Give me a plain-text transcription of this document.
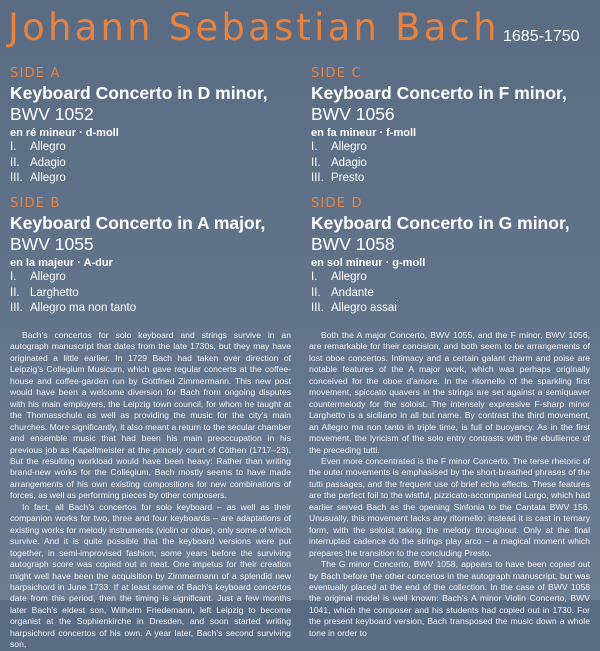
Johann Sebastian Bach 1685-1750
SIDE A
Keyboard Concerto in D minor,
BWV 1052
en ré mineur · d-moll
I. Allegro
II. Adagio
III. Allegro
SIDE B
Keyboard Concerto in A major,
BWV 1055
en la majeur · A-dur
I. Allegro
II. Larghetto
III. Allegro ma non tanto
SIDE C
Keyboard Concerto in F minor,
BWV 1056
en fa mineur · f-moll
I. Allegro
II. Adagio
III. Presto
SIDE D
Keyboard Concerto in G minor,
BWV 1058
en sol mineur · g-moll
I. Allegro
II. Andante
III. Allegro assai

Bach’s concertos for solo keyboard and strings survive in an autograph manuscript that dates from the late 1730s, but they may have originated a little earlier. In 1729 Bach had taken over direction of Leipzig’s Collegium Musicum, which gave regular concerts at the coffee-house and coffee-garden run by Gottfried Zimmermann. This new post would have been a welcome diversion for Bach from ongoing disputes with his main employers, the Leipzig town council, for whom he taught at the Thomasschule as well as providing the music for the city’s main churches. More significantly, it also meant a return to the secular chamber and ensemble music that had been his main preoccupation in his previous job as Kapellmeister at the princely court of Cöthen (1717–23). But the resulting workload would have been heavy: Rather than writing brand-new works for the Collegium, Bach mostly seems to have made arrangements of his own existing compositions for new combinations of forces, as well as performing pieces by other composers.

In fact, all Bach’s concertos for solo keyboard – as well as their companion works for two, three and four keyboards – are adaptations of existing works for melody instruments (violin or oboe), only some of which survive. And it is quite possible that the keyboard versions were put together, in semi-improvised fashion, some years before the surviving autograph score was copied out in neat. One impetus for their creation might well have been the acquisition by Zimmermann of a splendid new harpsichord in June 1733. If at least some of Bach’s keyboard concertos date from this period, then the timing is significant. Just a few months later Bach’s eldest son, Wilhelm Friedemann, left Leipzig to become organist at the Sophienkirche in Dresden, and soon started writing harpsichord concertos of his own. A year later, Bach’s second surviving son,

Both the A major Concerto, BWV 1055, and the F minor, BWV 1056, are remarkable for their concision, and both seem to be arrangements of lost oboe concertos. Intimacy and a certain galant charm and poise are notable features of the A major work, which was perhaps originally conceived for the oboe d’amore. In the ritornello of the sparkling first movement, spiccato quavers in the strings are set against a semiquaver countermelody for the soloist. The intensely expressive F-sharp minor Larghetto is a siciliano in all but name. By contrast the third movement, an Allegro ma non tanto in triple time, is full of buoyancy. As in the first movement, the lyricism of the solo entry contrasts with the ebullience of the preceding tutti.

Even more concentrated is the F minor Concerto. The terse rhetoric of the outer movements is emphasised by the short-breathed phrases of the tutti passages, and the frequent use of brief echo effects. These features are the perfect foil to the wistful, pizzicato-accompanied Largo, which had earlier served Bach as the opening Sinfonia to the Cantata BWV 156. Unusually, this movement lacks any ritornello: instead it is cast in ternary form, with the soloist taking the melody throughout. Only at the final interrupted cadence do the strings play arco – a magical moment which prepares the transition to the concluding Presto.

The G minor Concerto, BWV 1058, appears to have been copied out by Bach before the other concertos in the autograph manuscript, but was eventually placed at the end of the collection. In the case of BWV 1058 the original model is well known: Bach’s A minor Violin Concerto, BWV 1041, which the composer and his students had copied out in 1730. For the present keyboard version, Bach transposed the music down a whole tone in order to
